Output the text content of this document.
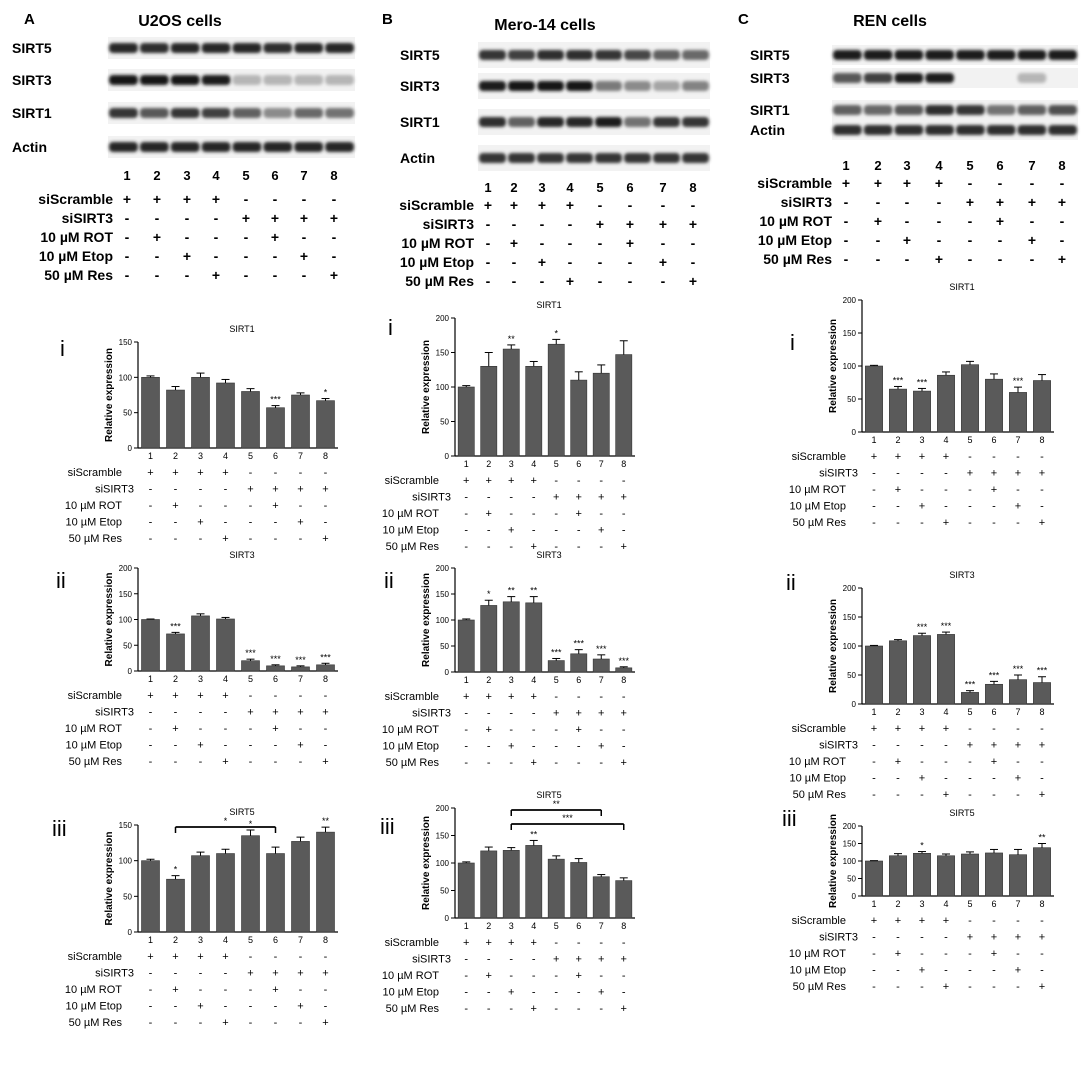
A	U2OS cells
SIRT5
SIRT3
SIRT1
Actin
1 2 3 4 5 6 7 8
siScramble + + + + - - - -
siSIRT3 - - - - + + + +
10 µM ROT - + - - - + - -
10 µM Etop - - + - - - + -
50 µM Res - - - + - - - +
i
SIRT1
0
50
100
150
Relative expression
1 2 3 4 5
***
6 7
*
8
siScramble + + + + - - - -
siSIRT3 - - - - + + + +
10 µM ROT - + - - - + - -
10 µM Etop - - + - - - + -
50 µM Res - - - + - - - +
ii
SIRT3
0
50
100
150
200
Relative expression
1
***
2 3 4
***
5
***
6
***
7
***
8
siScramble + + + + - - - -
siSIRT3 - - - - + + + +
10 µM ROT - + - - - + - -
10 µM Etop - - + - - - + -
50 µM Res - - - + - - - +
iii
SIRT5
0
50
100
150
Relative expression
1
*
2 3 4
*
5 6 7
**
8
*
siScramble + + + + - - - -
siSIRT3 - - - - + + + +
10 µM ROT - + - - - + - -
10 µM Etop - - + - - - + -
50 µM Res - - - + - - - +
B	Mero-14 cells
SIRT5
SIRT3
SIRT1
Actin
1 2 3 4 5 6 7 8
siScramble + + + + - - - -
siSIRT3 - - - - + + + +
10 µM ROT - + - - - + - -
10 µM Etop - - + - - - + -
50 µM Res - - - + - - - +
i
SIRT1
0
50
100
150
200
Relative expression
1 2
**
3 4
*
5 6 7 8
siScramble + + + + - - - -
siSIRT3 - - - - + + + +
10 µM ROT - + - - - + - -
10 µM Etop - - + - - - + -
50 µM Res - - - + - - - +
ii
SIRT3
0
50
100
150
200
Relative expression
1
*
2
**
3
**
4
***
5
***
6
***
7
***
8
siScramble + + + + - - - -
siSIRT3 - - - - + + + +
10 µM ROT - + - - - + - -
10 µM Etop - - + - - - + -
50 µM Res - - - + - - - +
iii
SIRT5
0
50
100
150
200
Relative expression
1 2 3
**
4 5 6 7 8
**
***
siScramble + + + + - - - -
siSIRT3 - - - - + + + +
10 µM ROT - + - - - + - -
10 µM Etop - - + - - - + -
50 µM Res - - - + - - - +
C	REN cells
SIRT5
SIRT3
SIRT1
Actin
1 2 3 4 5 6 7 8
siScramble + + + + - - - -
siSIRT3 - - - - + + + +
10 µM ROT - + - - - + - -
10 µM Etop - - + - - - + -
50 µM Res - - - + - - - +
i
SIRT1
0
50
100
150
200
Relative expression
1
***
2
***
3 4 5 6
***
7 8
siScramble + + + + - - - -
siSIRT3 - - - - + + + +
10 µM ROT - + - - - + - -
10 µM Etop - - + - - - + -
50 µM Res - - - + - - - +
ii	SIRT3
0
50
100
150
200
Relative expression
1 2
***
3
***
4
***
5
***
6
***
7
***
8
siScramble + + + + - - - -
siSIRT3 - - - - + + + +
10 µM ROT - + - - - + - -
10 µM Etop - - + - - - + -
50 µM Res - - - + - - - +
iii	SIRT5
0
50
100
150
200
Relative expression	1 2
*
3 4 5 6 7
**
8
siScramble + + + + - - - -
siSIRT3 - - - - + + + +
10 µM ROT - + - - - + - -
10 µM Etop - - + - - - + -
50 µM Res - - - + - - - +
